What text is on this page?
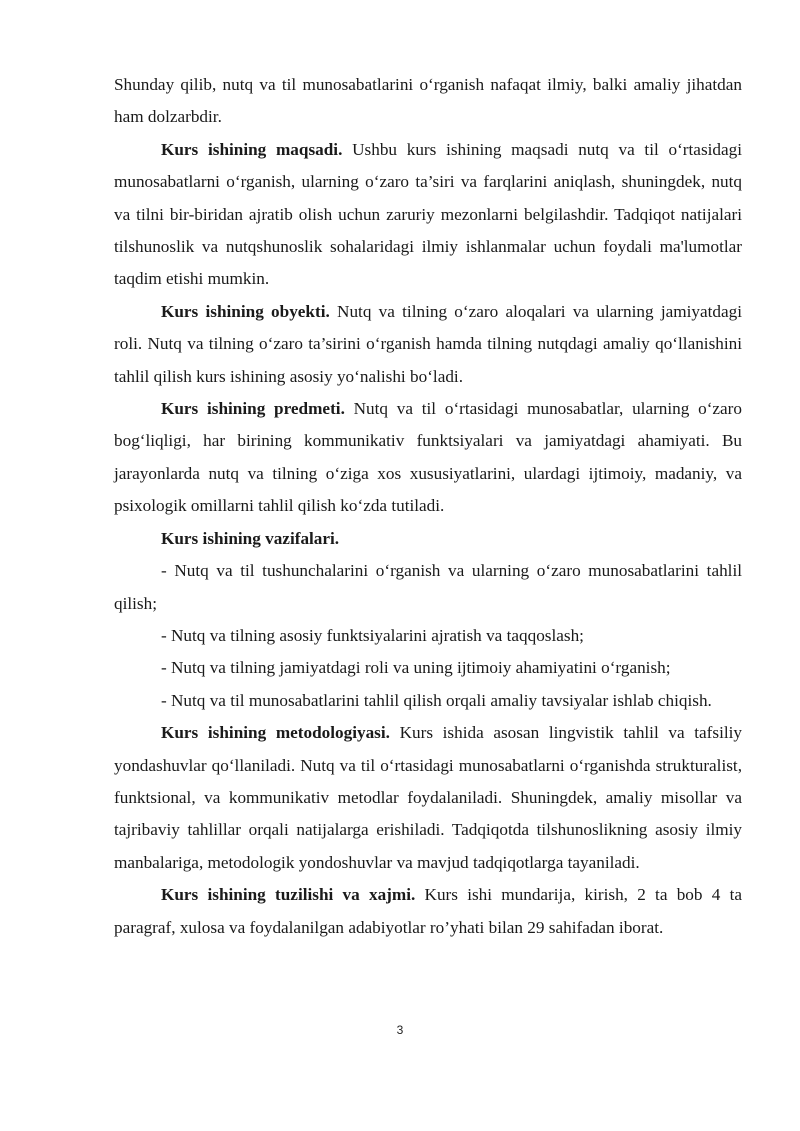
Shunday qilib, nutq va til munosabatlarini o‘rganish nafaqat ilmiy, balki amaliy jihatdan ham dolzarbdir.

Kurs ishining maqsadi. Ushbu kurs ishining maqsadi nutq va til o‘rtasidagi munosabatlarni o‘rganish, ularning o‘zaro ta’siri va farqlarini aniqlash, shuningdek, nutq va tilni bir-biridan ajratib olish uchun zaruriy mezonlarni belgilashdir. Tadqiqot natijalari tilshunoslik va nutqshunoslik sohalaridagi ilmiy ishlanmalar uchun foydali ma'lumotlar taqdim etishi mumkin.

Kurs ishining obyekti. Nutq va tilning o‘zaro aloqalari va ularning jamiyatdagi roli. Nutq va tilning o‘zaro ta’sirini o‘rganish hamda tilning nutqdagi amaliy qo‘llanishini tahlil qilish kurs ishining asosiy yo‘nalishi bo‘ladi.

Kurs ishining predmeti. Nutq va til o‘rtasidagi munosabatlar, ularning o‘zaro bog‘liqligi, har birining kommunikativ funktsiyalari va jamiyatdagi ahamiyati. Bu jarayonlarda nutq va tilning o‘ziga xos xususiyatlarini, ulardagi ijtimoiy, madaniy, va psixologik omillarni tahlil qilish ko‘zda tutiladi.

Kurs ishining vazifalari.

- Nutq va til tushunchalarini o‘rganish va ularning o‘zaro munosabatlarini tahlil qilish;

- Nutq va tilning asosiy funktsiyalarini ajratish va taqqoslash;

- Nutq va tilning jamiyatdagi roli va uning ijtimoiy ahamiyatini o‘rganish;

- Nutq va til munosabatlarini tahlil qilish orqali amaliy tavsiyalar ishlab chiqish.

Kurs ishining metodologiyasi. Kurs ishida asosan lingvistik tahlil va tafsiliy yondashuvlar qo‘llaniladi. Nutq va til o‘rtasidagi munosabatlarni o‘rganishda strukturalist, funktsional, va kommunikativ metodlar foydalaniladi. Shuningdek, amaliy misollar va tajribaviy tahlillar orqali natijalarga erishiladi. Tadqiqotda tilshunoslikning asosiy ilmiy manbalariga, metodologik yondoshuvlar va mavjud tadqiqotlarga tayaniladi.

Kurs ishining tuzilishi va xajmi. Kurs ishi mundarija, kirish, 2 ta bob 4 ta paragraf, xulosa va foydalanilgan adabiyotlar ro’yhati bilan 29 sahifadan iborat.

3
